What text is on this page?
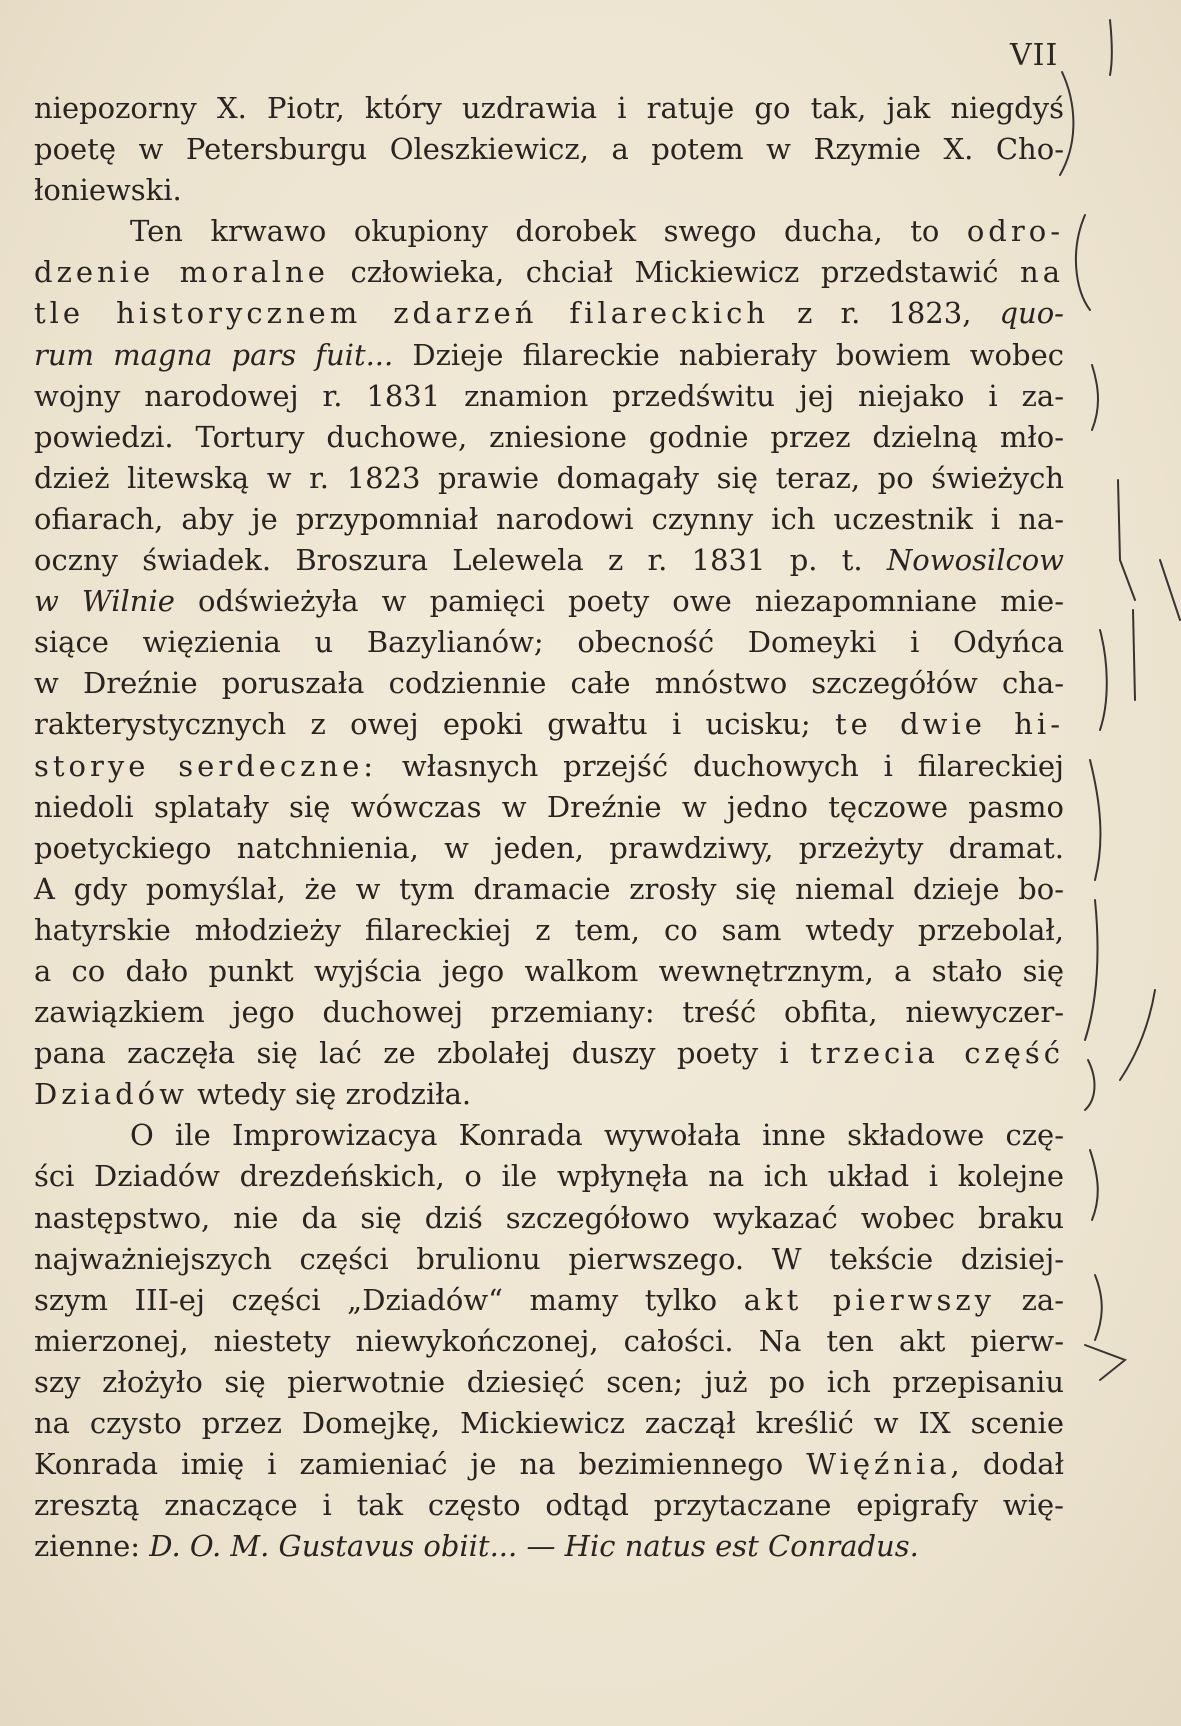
VII
niepozorny X. Piotr, który uzdrawia i ratuje go tak, jak niegdyś
poetę w Petersburgu Oleszkiewicz, a potem w Rzymie X. Cho-
łoniewski.
Ten krwawo okupiony dorobek swego ducha, to odro-
dzenie moralne człowieka, chciał Mickiewicz przedstawić na
tle historycznem zdarzeń filareckich z r. 1823, quo-
rum magna pars fuit... Dzieje filareckie nabierały bowiem wobec
wojny narodowej r. 1831 znamion przedświtu jej niejako i za-
powiedzi. Tortury duchowe, zniesione godnie przez dzielną mło-
dzież litewską w r. 1823 prawie domagały się teraz, po świeżych
ofiarach, aby je przypomniał narodowi czynny ich uczestnik i na-
oczny świadek. Broszura Lelewela z r. 1831 p. t. Nowosilcow
w Wilnie odświeżyła w pamięci poety owe niezapomniane mie-
siące więzienia u Bazylianów; obecność Domeyki i Odyńca
w Dreźnie poruszała codziennie całe mnóstwo szczegółów cha-
rakterystycznych z owej epoki gwałtu i ucisku; te dwie hi-
storye serdeczne: własnych przejść duchowych i filareckiej
niedoli splatały się wówczas w Dreźnie w jedno tęczowe pasmo
poetyckiego natchnienia, w jeden, prawdziwy, przeżyty dramat.
A gdy pomyślał, że w tym dramacie zrosły się niemal dzieje bo-
hatyrskie młodzieży filareckiej z tem, co sam wtedy przebolał,
a co dało punkt wyjścia jego walkom wewnętrznym, a stało się
zawiązkiem jego duchowej przemiany: treść obfita, niewyczer-
pana zaczęła się lać ze zbolałej duszy poety i trzecia część
Dziadów wtedy się zrodziła.
O ile Improwizacya Konrada wywołała inne składowe czę-
ści Dziadów drezdeńskich, o ile wpłynęła na ich układ i kolejne
następstwo, nie da się dziś szczegółowo wykazać wobec braku
najważniejszych części brulionu pierwszego. W tekście dzisiej-
szym III-ej części „Dziadów“ mamy tylko akt pierwszy za-
mierzonej, niestety niewykończonej, całości. Na ten akt pierw-
szy złożyło się pierwotnie dziesięć scen; już po ich przepisaniu
na czysto przez Domejkę, Mickiewicz zaczął kreślić w IX scenie
Konrada imię i zamieniać je na bezimiennego Więźnia, dodał
zresztą znaczące i tak często odtąd przytaczane epigrafy wię-
zienne: D. O. M. Gustavus obiit... — Hic natus est Conradus.
